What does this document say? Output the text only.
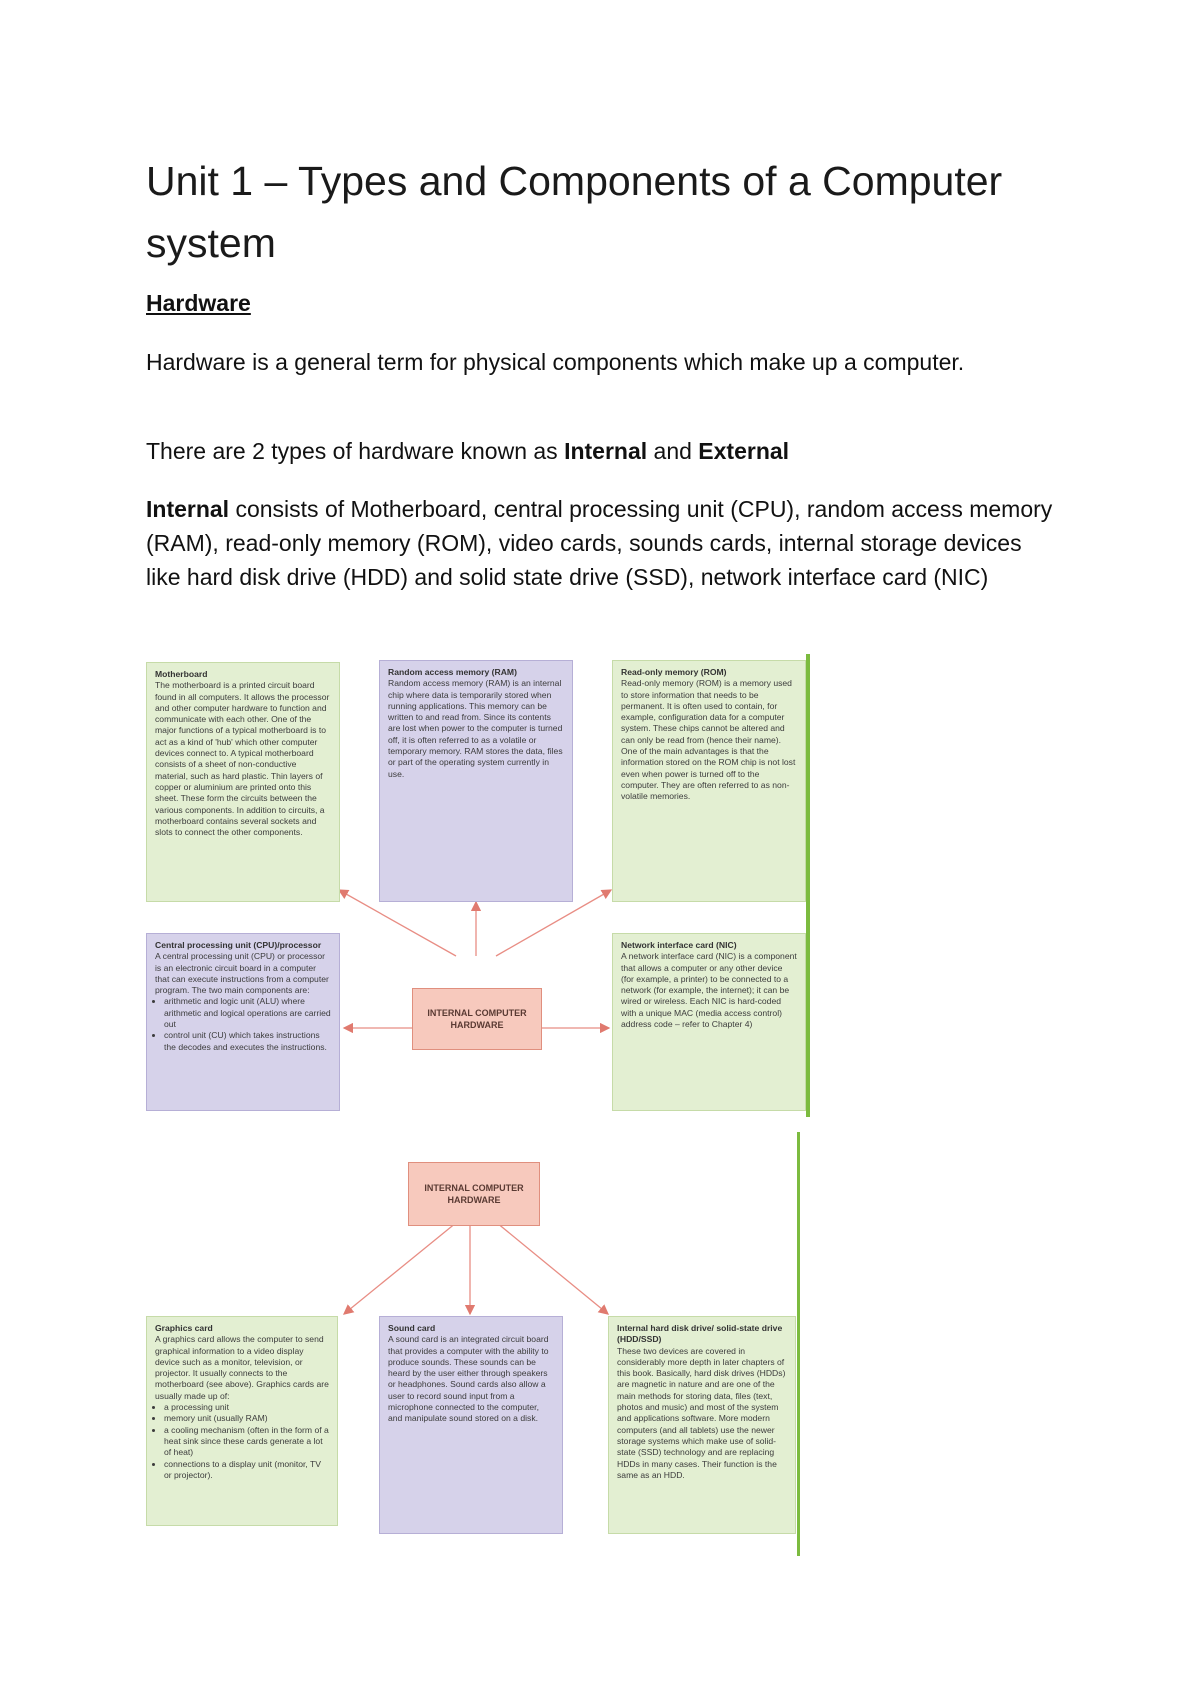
Unit 1 – Types and Components of a Computer system
Hardware

Hardware is a general term for physical components which make up a computer.

There are 2 types of hardware known as Internal and External

Internal consists of Motherboard, central processing unit (CPU), random access memory (RAM), read-only memory (ROM), video cards, sounds cards, internal storage devices like hard disk drive (HDD) and solid state drive (SSD), network interface card (NIC)

Motherboard
The motherboard is a printed circuit board found in all computers. It allows the processor and other computer hardware to function and communicate with each other. One of the major functions of a typical motherboard is to act as a kind of 'hub' which other computer devices connect to. A typical motherboard consists of a sheet of non-conductive material, such as hard plastic. Thin layers of copper or aluminium are printed onto this sheet. These form the circuits between the various components. In addition to circuits, a motherboard contains several sockets and slots to connect the other components.
Random access memory (RAM)
Random access memory (RAM) is an internal chip where data is temporarily stored when running applications. This memory can be written to and read from. Since its contents are lost when power to the computer is turned off, it is often referred to as a volatile or temporary memory. RAM stores the data, files or part of the operating system currently in use.
Read-only memory (ROM)
Read-only memory (ROM) is a memory used to store information that needs to be permanent. It is often used to contain, for example, configuration data for a computer system. These chips cannot be altered and can only be read from (hence their name). One of the main advantages is that the information stored on the ROM chip is not lost even when power is turned off to the computer. They are often referred to as non-volatile memories.
Central processing unit (CPU)/processor
A central processing unit (CPU) or processor is an electronic circuit board in a computer that can execute instructions from a computer program. The two main components are:
• arithmetic and logic unit (ALU) where arithmetic and logical operations are carried out
• control unit (CU) which takes instructions the decodes and executes the instructions.
INTERNAL COMPUTER HARDWARE
Network interface card (NIC)
A network interface card (NIC) is a component that allows a computer or any other device (for example, a printer) to be connected to a network (for example, the internet); it can be wired or wireless. Each NIC is hard-coded with a unique MAC (media access control) address code – refer to Chapter 4)
INTERNAL COMPUTER HARDWARE
Graphics card
A graphics card allows the computer to send graphical information to a video display device such as a monitor, television, or projector. It usually connects to the motherboard (see above). Graphics cards are usually made up of:
• a processing unit
• memory unit (usually RAM)
• a cooling mechanism (often in the form of a heat sink since these cards generate a lot of heat)
• connections to a display unit (monitor, TV or projector).
Sound card
A sound card is an integrated circuit board that provides a computer with the ability to produce sounds. These sounds can be heard by the user either through speakers or headphones. Sound cards also allow a user to record sound input from a microphone connected to the computer, and manipulate sound stored on a disk.
Internal hard disk drive/ solid-state drive (HDD/SSD)
These two devices are covered in considerably more depth in later chapters of this book. Basically, hard disk drives (HDDs) are magnetic in nature and are one of the main methods for storing data, files (text, photos and music) and most of the system and applications software. More modern computers (and all tablets) use the newer storage systems which make use of solid-state (SSD) technology and are replacing HDDs in many cases. Their function is the same as an HDD.
